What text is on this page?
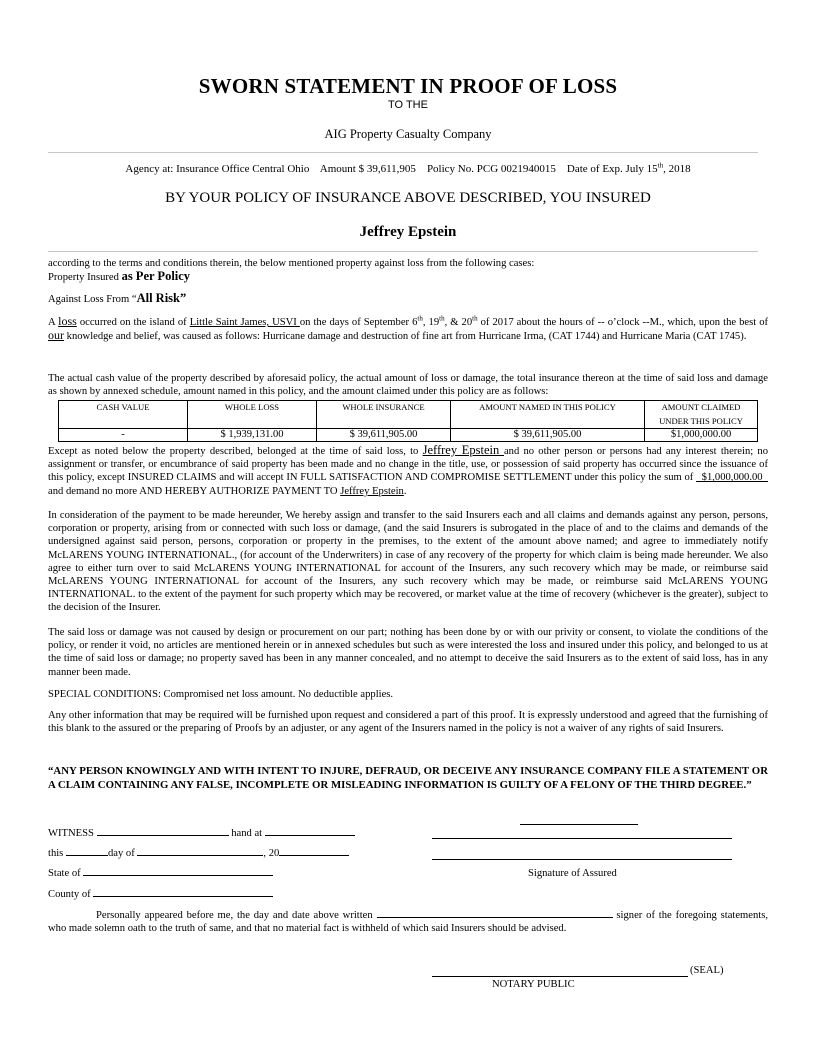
SWORN STATEMENT IN PROOF OF LOSS
TO THE
AIG Property Casualty Company
Agency at: Insurance Office Central Ohio Amount $ 39,611,905 Policy No. PCG 0021940015 Date of Exp. July 15th, 2018
BY YOUR POLICY OF INSURANCE ABOVE DESCRIBED, YOU INSURED
Jeffrey Epstein
according to the terms and conditions therein, the below mentioned property against loss from the following cases:
Property Insured as Per Policy
Against Loss From “All Risk”
A loss occurred on the island of Little Saint James, USVI on the days of September 6th, 19th, & 20th of 2017 about the hours of -- o’clock --M., which, upon the best of our knowledge and belief, was caused as follows: Hurricane damage and destruction of fine art from Hurricane Irma, (CAT 1744) and Hurricane Maria (CAT 1745).
The actual cash value of the property described by aforesaid policy, the actual amount of loss or damage, the total insurance thereon at the time of said loss and damage as shown by annexed schedule, amount named in this policy, and the amount claimed under this policy are as follows:
CASH VALUE	WHOLE LOSS	WHOLE INSURANCE	AMOUNT NAMED IN THIS POLICY	AMOUNT CLAIMED UNDER THIS POLICY
-	$ 1,939,131.00	$ 39,611,905.00	$ 39,611,905.00	$1,000,000.00
Except as noted below the property described, belonged at the time of said loss, to Jeffrey Epstein and no other person or persons had any interest therein; no assignment or transfer, or encumbrance of said property has been made and no change in the title, use, or possession of said property has occurred since the issuance of this policy, except INSURED CLAIMS and will accept IN FULL SATISFACTION AND COMPROMISE SETTLEMENT under this policy the sum of   $1,000,000.00   and demand no more AND HEREBY AUTHORIZE PAYMENT TO Jeffrey Epstein.
In consideration of the payment to be made hereunder, We hereby assign and transfer to the said Insurers each and all claims and demands against any person, persons, corporation or property, arising from or connected with such loss or damage, (and the said Insurers is subrogated in the place of and to the claims and demands of the undersigned against said person, persons, corporation or property in the premises, to the extent of the amount above named; and agree to immediately notify McLARENS YOUNG INTERNATIONAL., (for account of the Underwriters) in case of any recovery of the property for which claim is being made hereunder. We also agree to either turn over to said McLARENS YOUNG INTERNATIONAL for account of the Insurers, any such recovery which may be made, or reimburse said McLARENS YOUNG INTERNATIONAL for account of the Insurers, any such recovery which may be made, or reimburse said McLARENS YOUNG INTERNATIONAL. to the extent of the payment for such property which may be recovered, or market value at the time of recovery (whichever is the greater), subject to the decision of the Insurer.
The said loss or damage was not caused by design or procurement on our part; nothing has been done by or with our privity or consent, to violate the conditions of the policy, or render it void, no articles are mentioned herein or in annexed schedules but such as were interested the loss and insured under this policy, and belonged to us at the time of said loss or damage; no property saved has been in any manner concealed, and no attempt to deceive the said Insurers as to the extent of said loss, has in any manner been made.
SPECIAL CONDITIONS: Compromised net loss amount. No deductible applies.
Any other information that may be required will be furnished upon request and considered a part of this proof. It is expressly understood and agreed that the furnishing of this blank to the assured or the preparing of Proofs by an adjuster, or any agent of the Insurers named in the policy is not a waiver of any rights of said Insurers.
“ANY PERSON KNOWINGLY AND WITH INTENT TO INJURE, DEFRAUD, OR DECEIVE ANY INSURANCE COMPANY FILE A STATEMENT OR A CLAIM CONTAINING ANY FALSE, INCOMPLETE OR MISLEADING INFORMATION IS GUILTY OF A FELONY OF THE THIRD DEGREE.”
WITNESS	hand at
this	day of	, 20
State of	Signature of Assured
County of
Personally appeared before me, the day and date above written	signer of the foregoing statements, who made solemn oath to the truth of same, and that no material fact is withheld of which said Insurers should be advised.
(SEAL)
NOTARY PUBLIC
